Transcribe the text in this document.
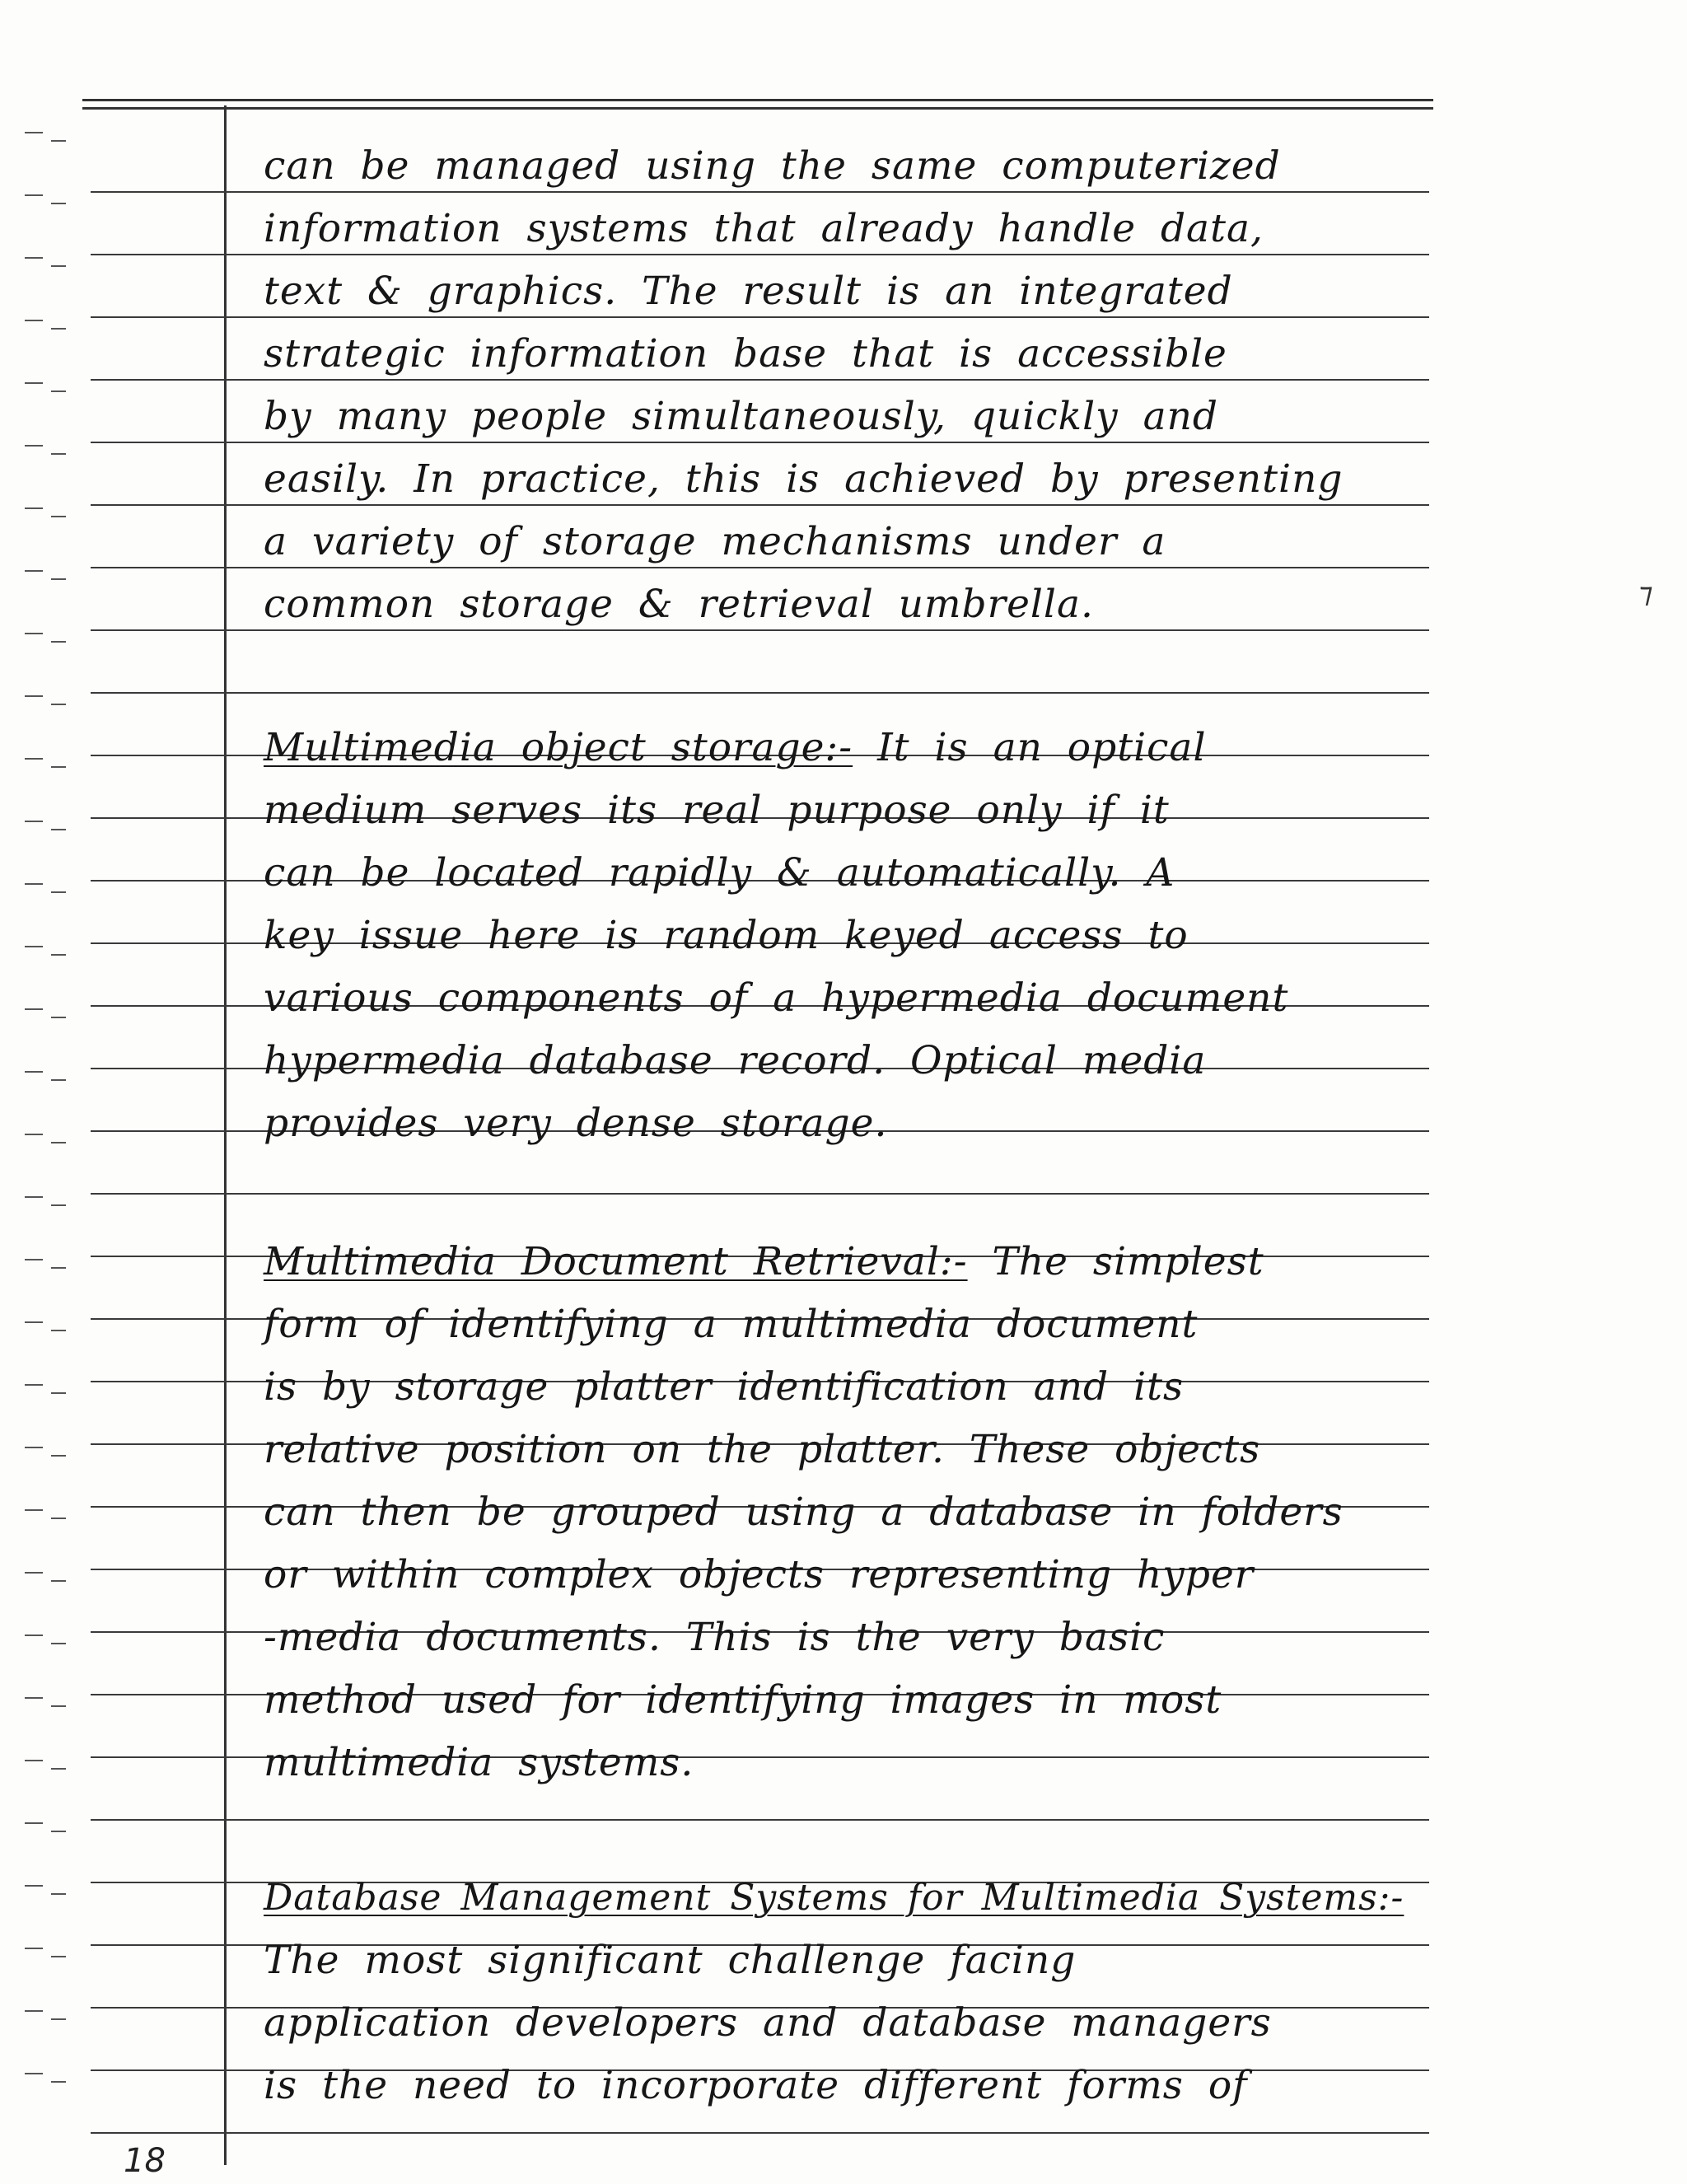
can be managed using the same computerized
information systems that already handle data,
text & graphics. The result is an integrated
strategic information base that is accessible
by many people simultaneously, quickly and
easily. In practice, this is achieved by presenting
a variety of storage mechanisms under a
common storage & retrieval umbrella.
Multimedia object storage:- It is an optical
medium serves its real purpose only if it
can be located rapidly & automatically. A
key issue here is random keyed access to
various components of a hypermedia document
hypermedia database record. Optical media
provides very dense storage.
Multimedia Document Retrieval:- The simplest
form of identifying a multimedia document
is by storage platter identification and its
relative position on the platter. These objects
can then be grouped using a database in folders
or within complex objects representing hyper
-media documents. This is the very basic
method used for identifying images in most
multimedia systems.
Database Management Systems for Multimedia Systems:-
The most significant challenge facing
application developers and database managers
is the need to incorporate different forms of
⁊
18
